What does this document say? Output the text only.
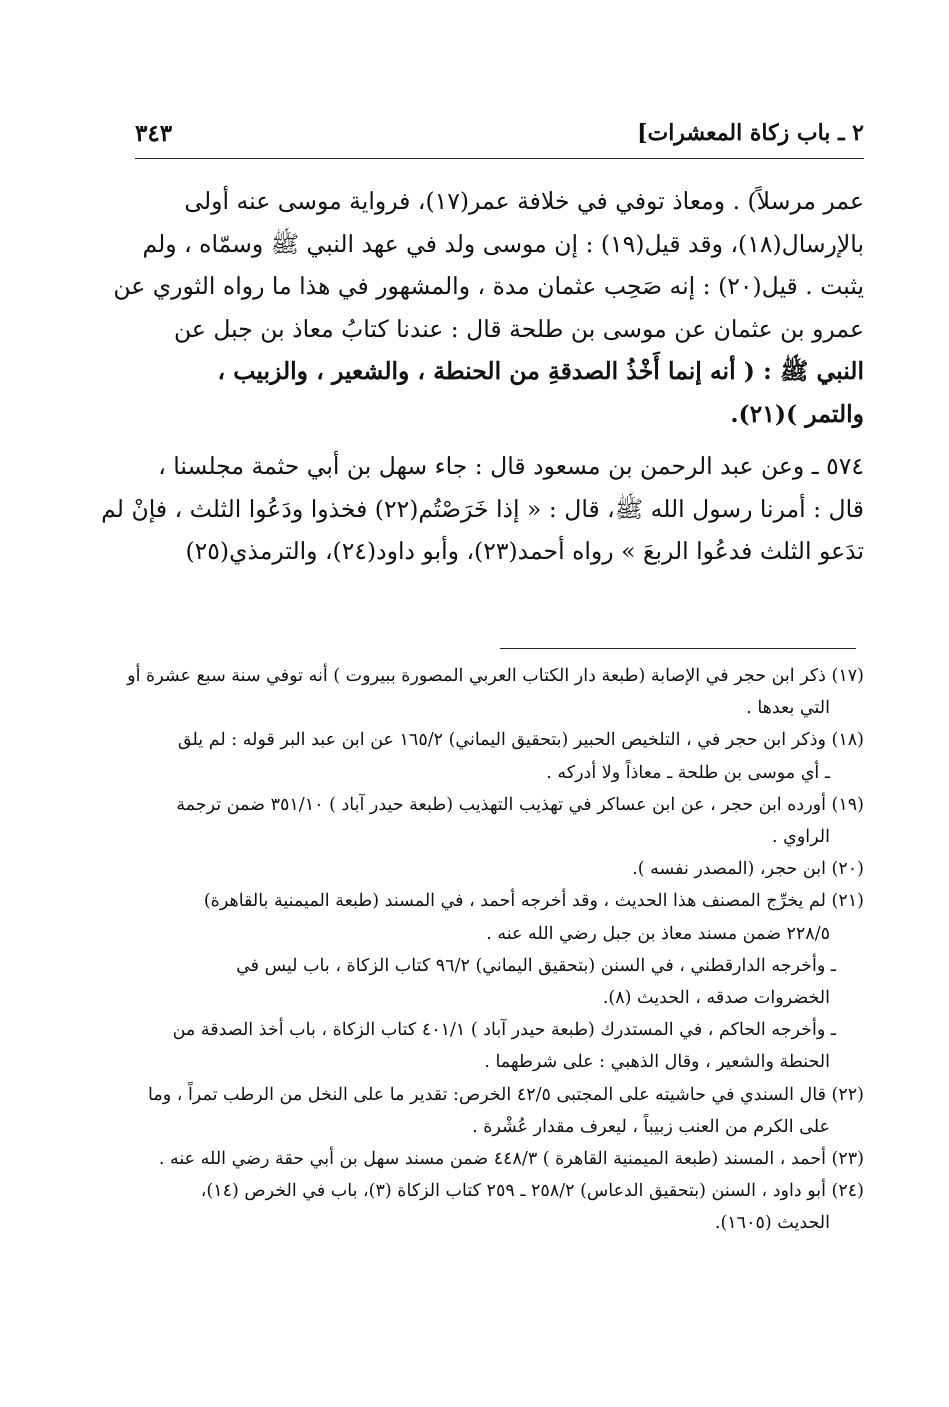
٢ ـ باب زكاة المعشرات]
٣٤٣

عمر مرسلاً) . ومعاذ توفي في خلافة عمر(١٧)، فرواية موسى عنه أولى

بالإرسال(١٨)، وقد قيل(١٩) : إن موسى ولد في عهد النبي ﷺ وسمّاه ، ولم

يثبت . قيل(٢٠) : إنه صَحِب عثمان مدة ، والمشهور في هذا ما رواه الثوري عن

عمرو بن عثمان عن موسى بن طلحة قال : عندنا كتابُ معاذ بن جبل عن

النبي ﷺ : ( أنه إنما أَخْذُ الصدقةِ من الحنطة ، والشعير ، والزبيب ،

والتمر )(٢١).

٥٧٤ ـ وعن عبد الرحمن بن مسعود قال : جاء سهل بن أبي حثمة مجلسنا ،

قال : أمرنا رسول الله ﷺ، قال : « إذا خَرَصْتُم(٢٢) فخذوا ودَعُوا الثلث ، فإنْ لم

تدَعو الثلث فدعُوا الربعَ » رواه أحمد(٢٣)، وأبو داود(٢٤)، والترمذي(٢٥)

(١٧) ذكر ابن حجر في الإصابة (طبعة دار الكتاب العربي المصورة ببيروت ) أنه توفي سنة سبع عشرة أو

التي بعدها .

(١٨) وذكر ابن حجر في ، التلخيص الحبير (بتحقيق اليماني) ١٦٥/٢ عن ابن عبد البر قوله : لم يلق

ـ أي موسى بن طلحة ـ معاذاً ولا أدركه .

(١٩) أورده ابن حجر ، عن ابن عساكر في تهذيب التهذيب (طبعة حيدر آباد ) ٣٥١/١٠ ضمن ترجمة

الراوي .

(٢٠) ابن حجر، (المصدر نفسه ).

(٢١) لم يخرِّج المصنف هذا الحديث ، وقد أخرجه أحمد ، في المسند (طبعة الميمنية بالقاهرة)

٢٢٨/٥ ضمن مسند معاذ بن جبل رضي الله عنه .

ـ وأخرجه الدارقطني ، في السنن (بتحقيق اليماني) ٩٦/٢ كتاب الزكاة ، باب ليس في

الخضروات صدقه ، الحديث (٨).

ـ وأخرجه الحاكم ، في المستدرك (طبعة حيدر آباد ) ٤٠١/١ كتاب الزكاة ، باب أخذ الصدقة من

الحنطة والشعير ، وقال الذهبي : على شرطهما .

(٢٢) قال السندي في حاشيته على المجتبى ٤٢/٥ الخرص: تقدير ما على النخل من الرطب تمراً ، وما

على الكرم من العنب زبيباً ، ليعرف مقدار عُشْرة .

(٢٣) أحمد ، المسند (طبعة الميمنية القاهرة ) ٤٤٨/٣ ضمن مسند سهل بن أبي حقة رضي الله عنه .

(٢٤) أبو داود ، السنن (بتحقيق الدعاس) ٢٥٨/٢ ـ ٢٥٩ كتاب الزكاة (٣)، باب في الخرص (١٤)،

الحديث (١٦٠٥).
